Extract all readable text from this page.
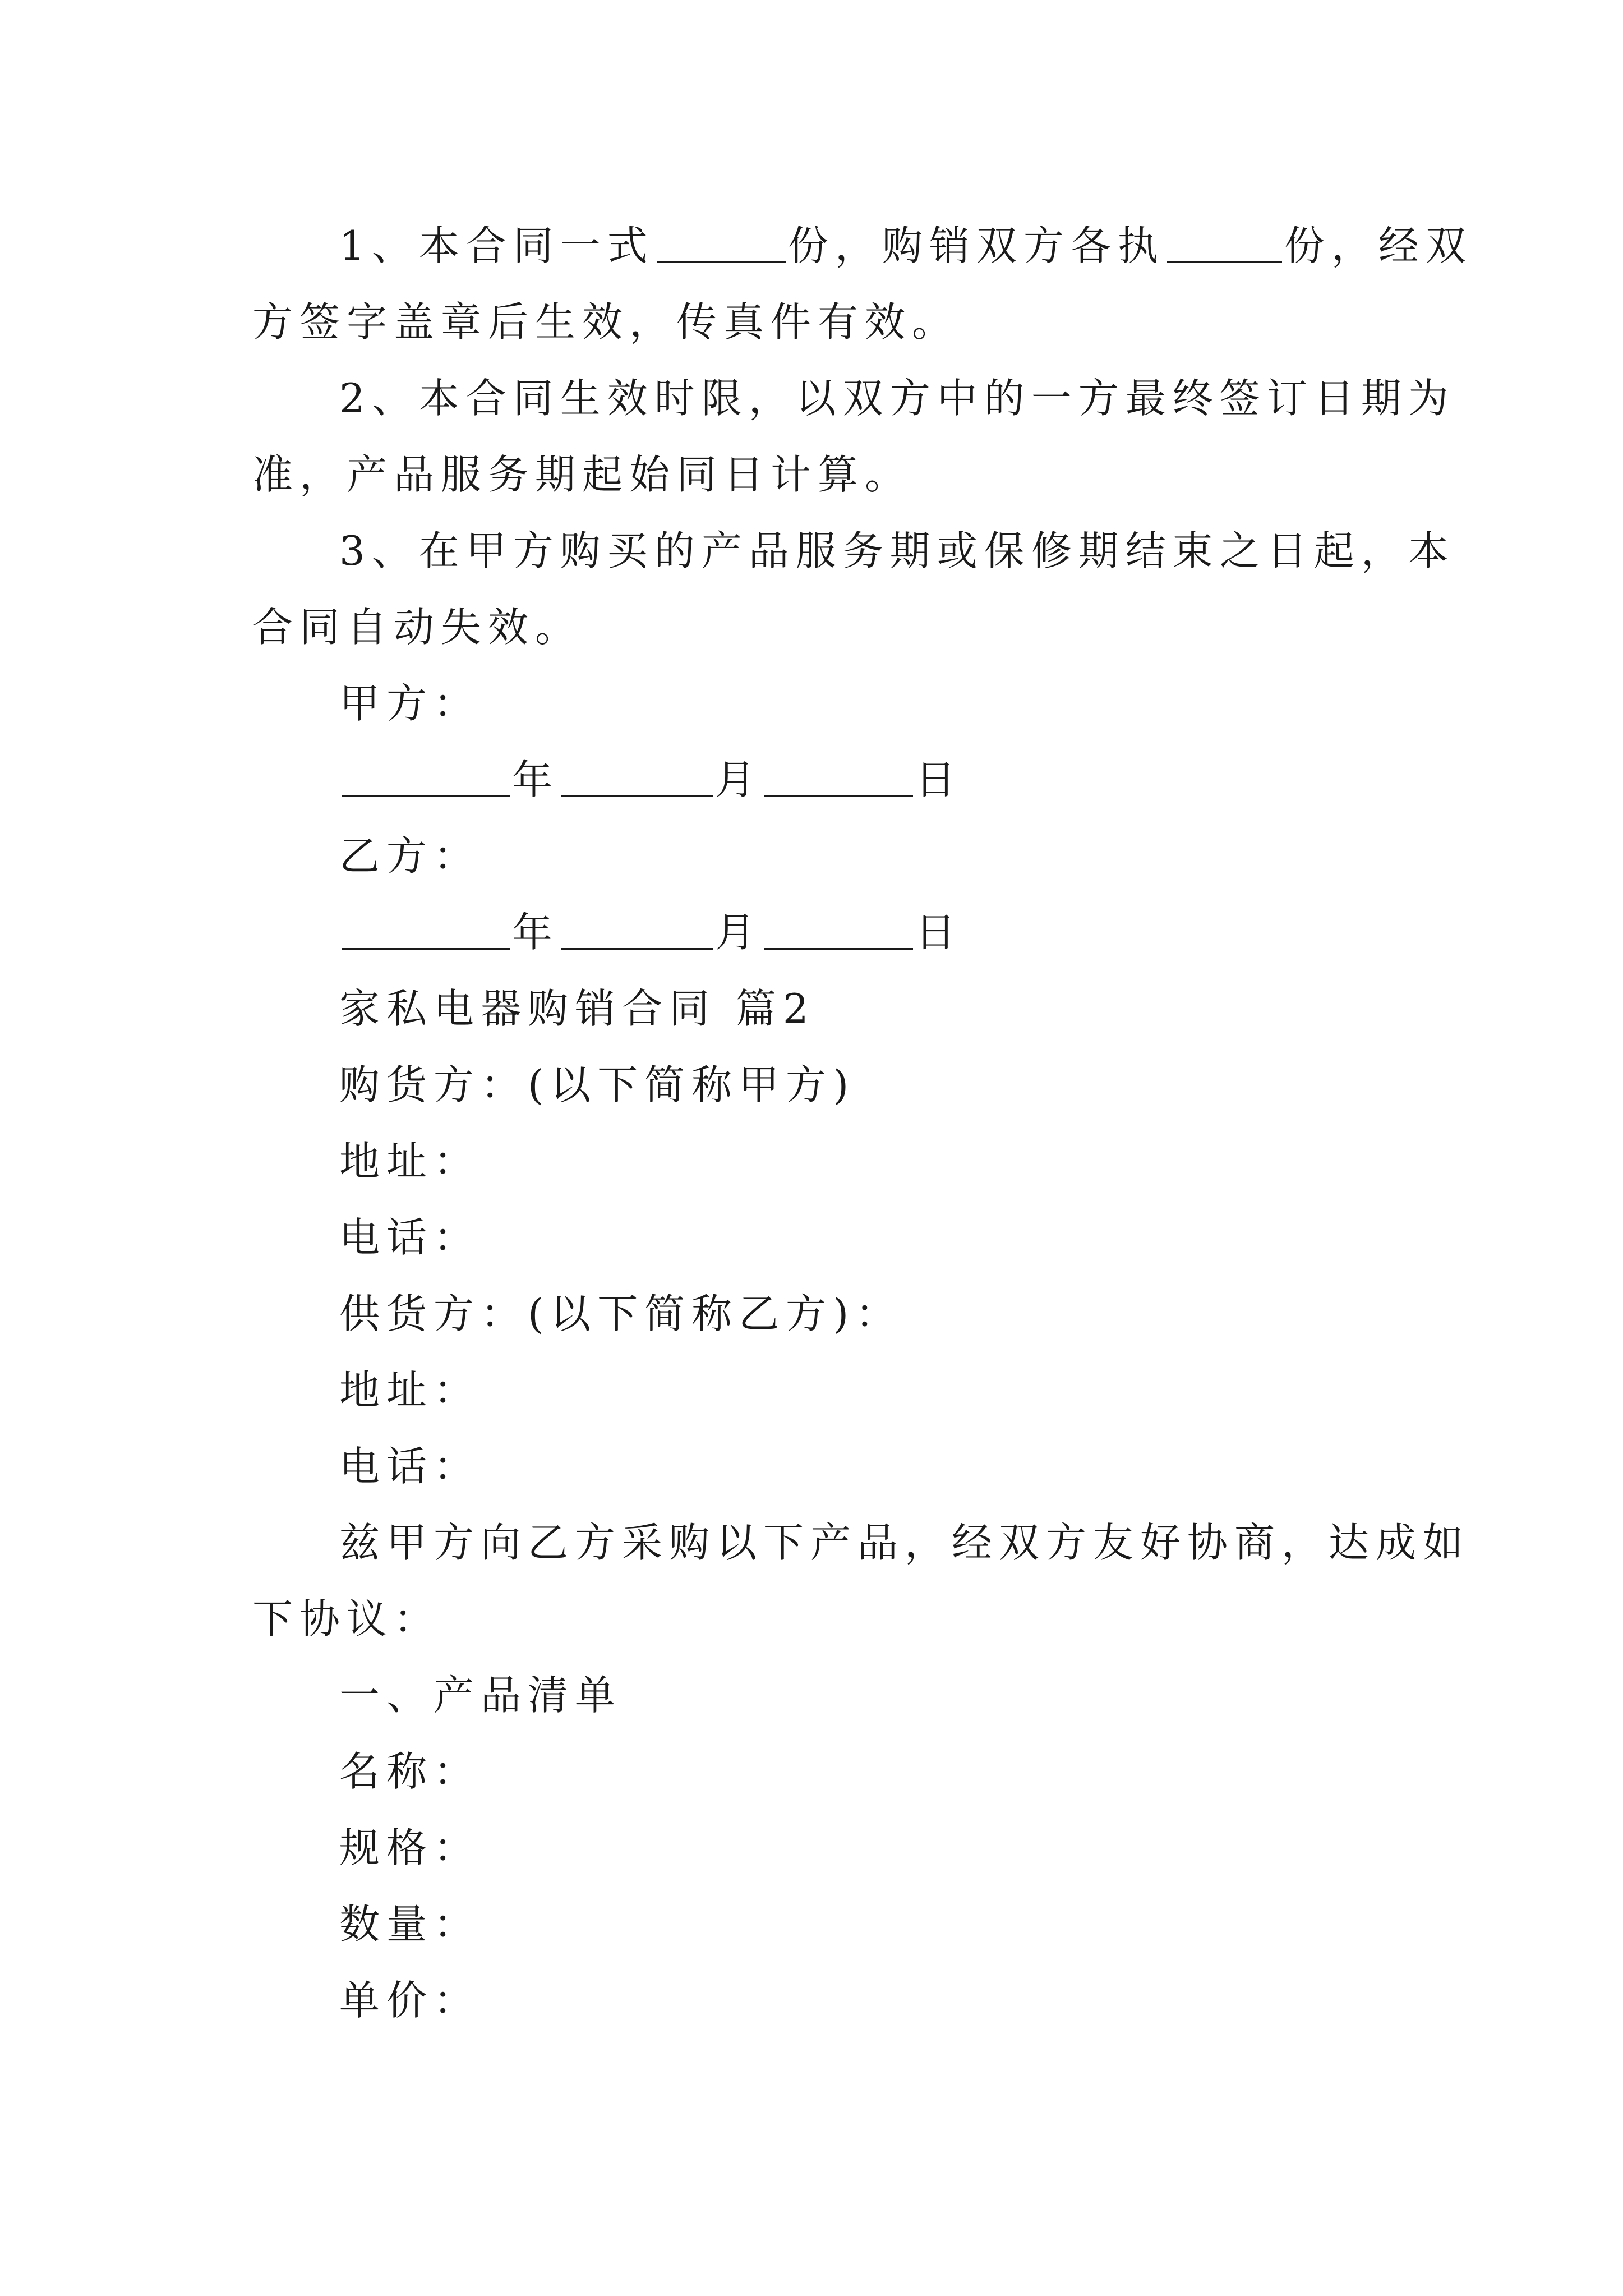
1、本合同一式	份，购销双方各执	份，经双
方签字盖章后生效，传真件有效。
2、本合同生效时限，以双方中的一方最终签订日期为
准，产品服务期起始同日计算。
3、在甲方购买的产品服务期或保修期结束之日起，本
合同自动失效。
甲方：
年	月	日
乙方：
年	月	日
家私电器购销合同 篇2
购货方：(以下简称甲方)
地址：
电话：
供货方：(以下简称乙方)：
地址：
电话：
兹甲方向乙方采购以下产品，经双方友好协商，达成如
下协议：
一、产品清单
名称：
规格：
数量：
单价：
